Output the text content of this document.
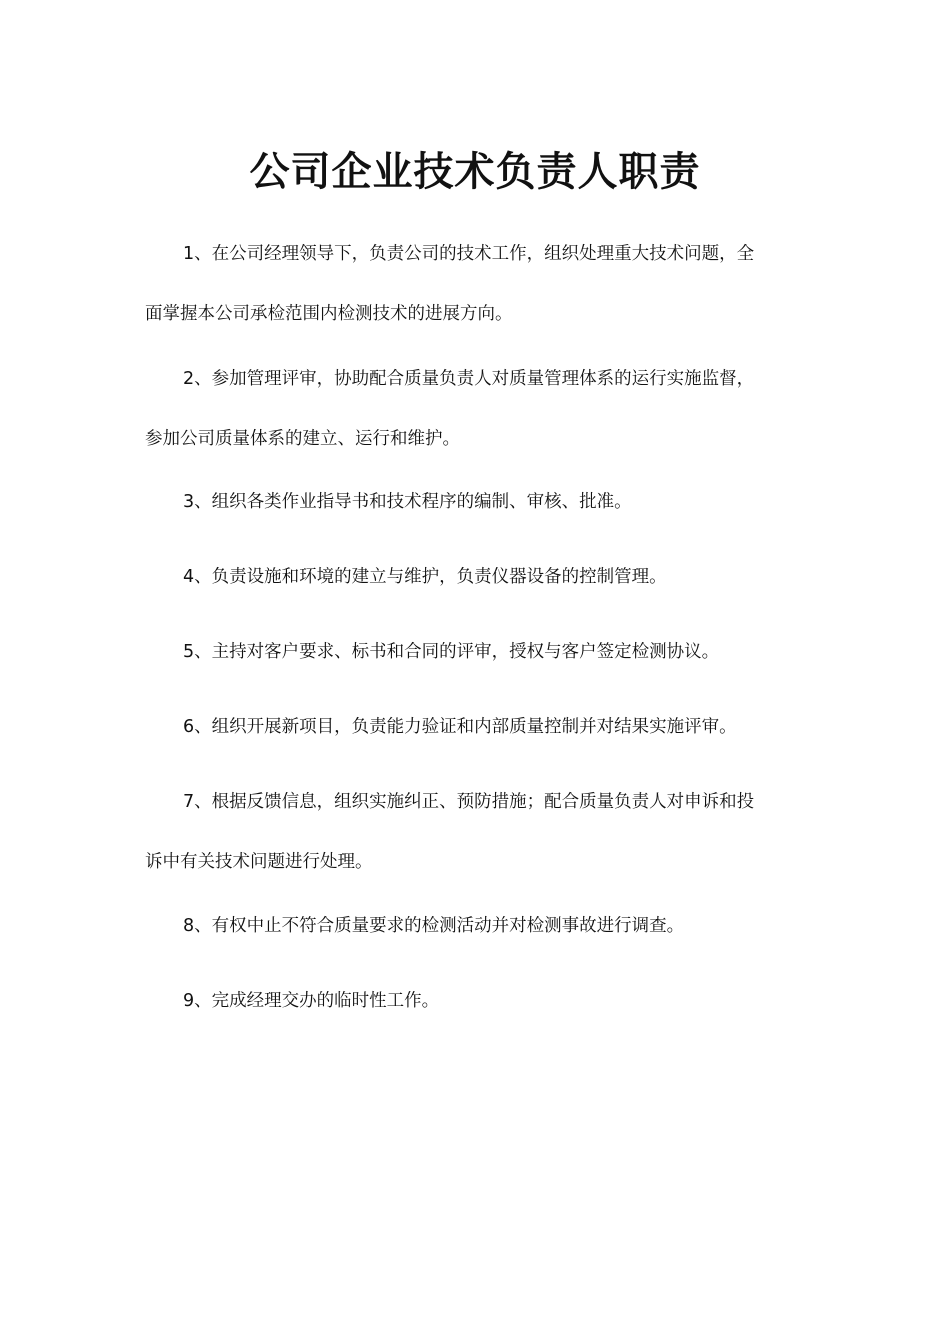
公司企业技术负责人职责

1、在公司经理领导下，负责公司的技术工作，组织处理重大技术问题，全
面掌握本公司承检范围内检测技术的进展方向。

2、参加管理评审，协助配合质量负责人对质量管理体系的运行实施监督，
参加公司质量体系的建立、运行和维护。

3、组织各类作业指导书和技术程序的编制、审核、批准。

4、负责设施和环境的建立与维护，负责仪器设备的控制管理。

5、主持对客户要求、标书和合同的评审，授权与客户签定检测协议。

6、组织开展新项目，负责能力验证和内部质量控制并对结果实施评审。

7、根据反馈信息，组织实施纠正、预防措施；配合质量负责人对申诉和投
诉中有关技术问题进行处理。

8、有权中止不符合质量要求的检测活动并对检测事故进行调查。

9、完成经理交办的临时性工作。
